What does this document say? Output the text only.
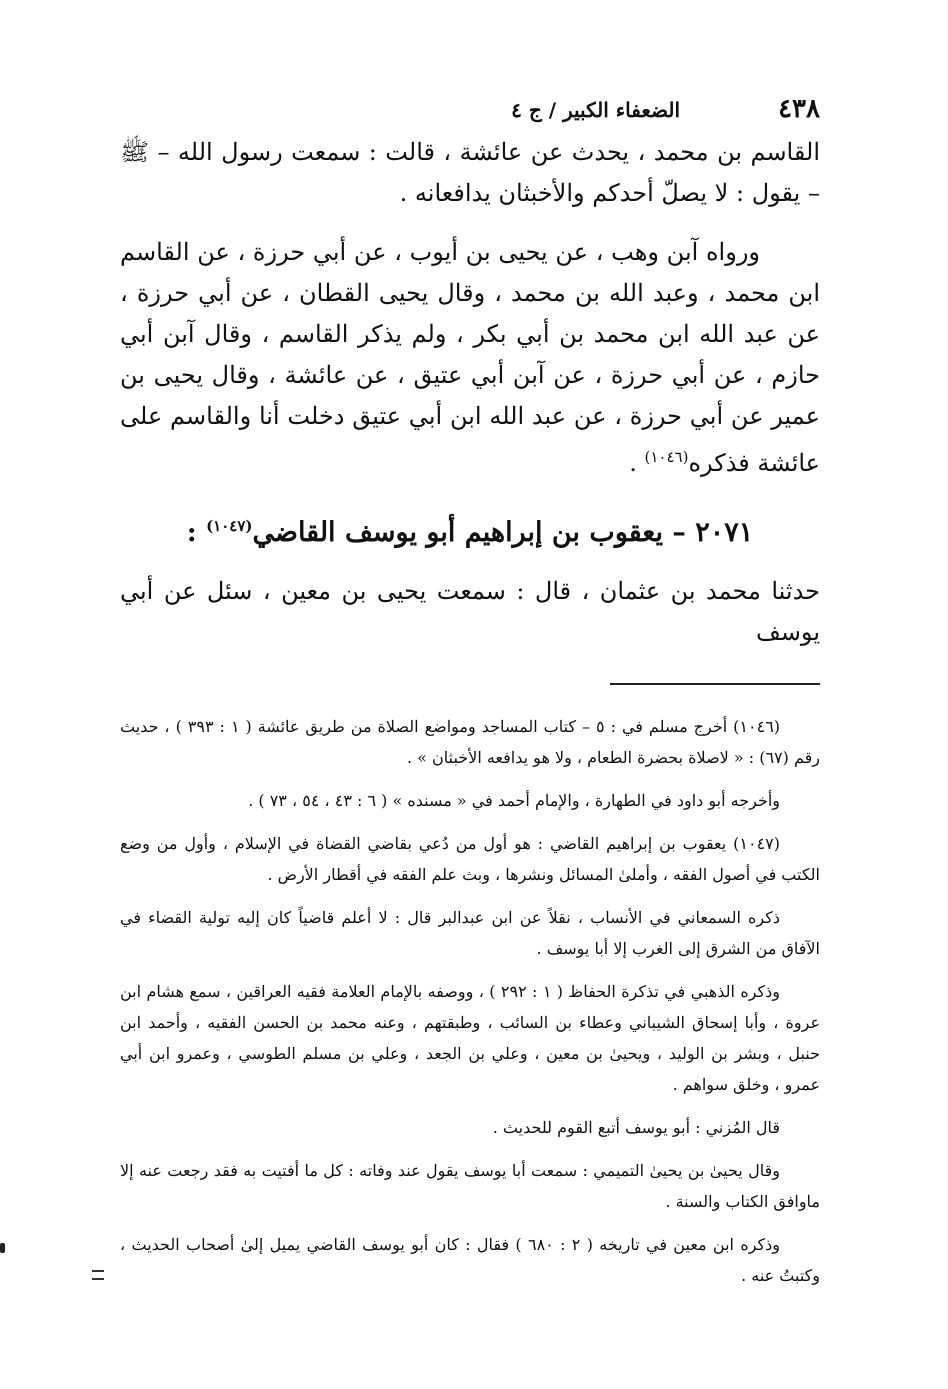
٤٣٨
الضعفاء الكبير / ج ٤

القاسم بن محمد ، يحدث عن عائشة ، قالت : سمعت رسول الله – ﷺ – يقول : لا يصلّ أحدكم والأخبثان يدافعانه .

ورواه آبن وهب ، عن يحيى بن أيوب ، عن أبي حرزة ، عن القاسم ابن محمد ، وعبد الله بن محمد ، وقال يحيى القطان ، عن أبي حرزة ، عن عبد الله ابن محمد بن أبي بكر ، ولم يذكر القاسم ، وقال آبن أبي حازم ، عن أبي حرزة ، عن آبن أبي عتيق ، عن عائشة ، وقال يحيى بن عمير عن أبي حرزة ، عن عبد الله ابن أبي عتيق دخلت أنا والقاسم على عائشة فذكره$^{(١٠٤٦)}$ .

٢٠٧١ – يعقوب بن إبراهيم أبو يوسف القاضي$^{(١٠٤٧)}$ :

حدثنا محمد بن عثمان ، قال : سمعت يحيى بن معين ، سئل عن أبي يوسف

(١٠٤٦) أخرج مسلم في : ٥ – كتاب المساجد ومواضع الصلاة من طريق عائشة ( ١ : ٣٩٣ ) ، حديث رقم (٦٧) : « لاصلاة بحضرة الطعام ، ولا هو يدافعه الأخبثان » .

وأخرجه أبو داود في الطهارة ، والإمام أحمد في « مسنده » ( ٦ : ٤٣ ، ٥٤ ، ٧٣ ) .

(١٠٤٧) يعقوب بن إبراهيم القاضي : هو أول من دُعي بقاضي القضاة في الإسلام ، وأول من وضع الكتب في أصول الفقه ، وأملىٰ المسائل ونشرها ، وبث علم الفقه في أقطار الأرض .

ذكره السمعاني في الأنساب ، نقلاً عن ابن عبدالبر قال : لا أعلم قاضياً كان إليه تولية القضاء في الآفاق من الشرق إلى الغرب إلا أبا يوسف .

وذكره الذهبي في تذكرة الحفاظ ( ١ : ٢٩٢ ) ، ووصفه بالإمام العلامة فقيه العراقين ، سمع هشام ابن عروة ، وأبا إسحاق الشيباني وعطاء بن السائب ، وطبقتهم ، وعنه محمد بن الحسن الفقيه ، وأحمد ابن حنبل ، وبشر بن الوليد ، ويحيىٰ بن معين ، وعلي بن الجعد ، وعلي بن مسلم الطوسي ، وعمرو ابن أبي عمرو ، وخلق سواهم .

قال المُزني : أبو يوسف أتبع القوم للحديث .

وقال يحيىٰ بن يحيىٰ التميمي : سمعت أبا يوسف يقول عند وفاته : كل ما أفتيت به فقد رجعت عنه إلا ماوافق الكتاب والسنة .

وذكره ابن معين في تاريخه ( ٢ : ٦٨٠ ) فقال : كان أبو يوسف القاضي يميل إلىٰ أصحاب الحديث ، وكتبتُ عنه .
